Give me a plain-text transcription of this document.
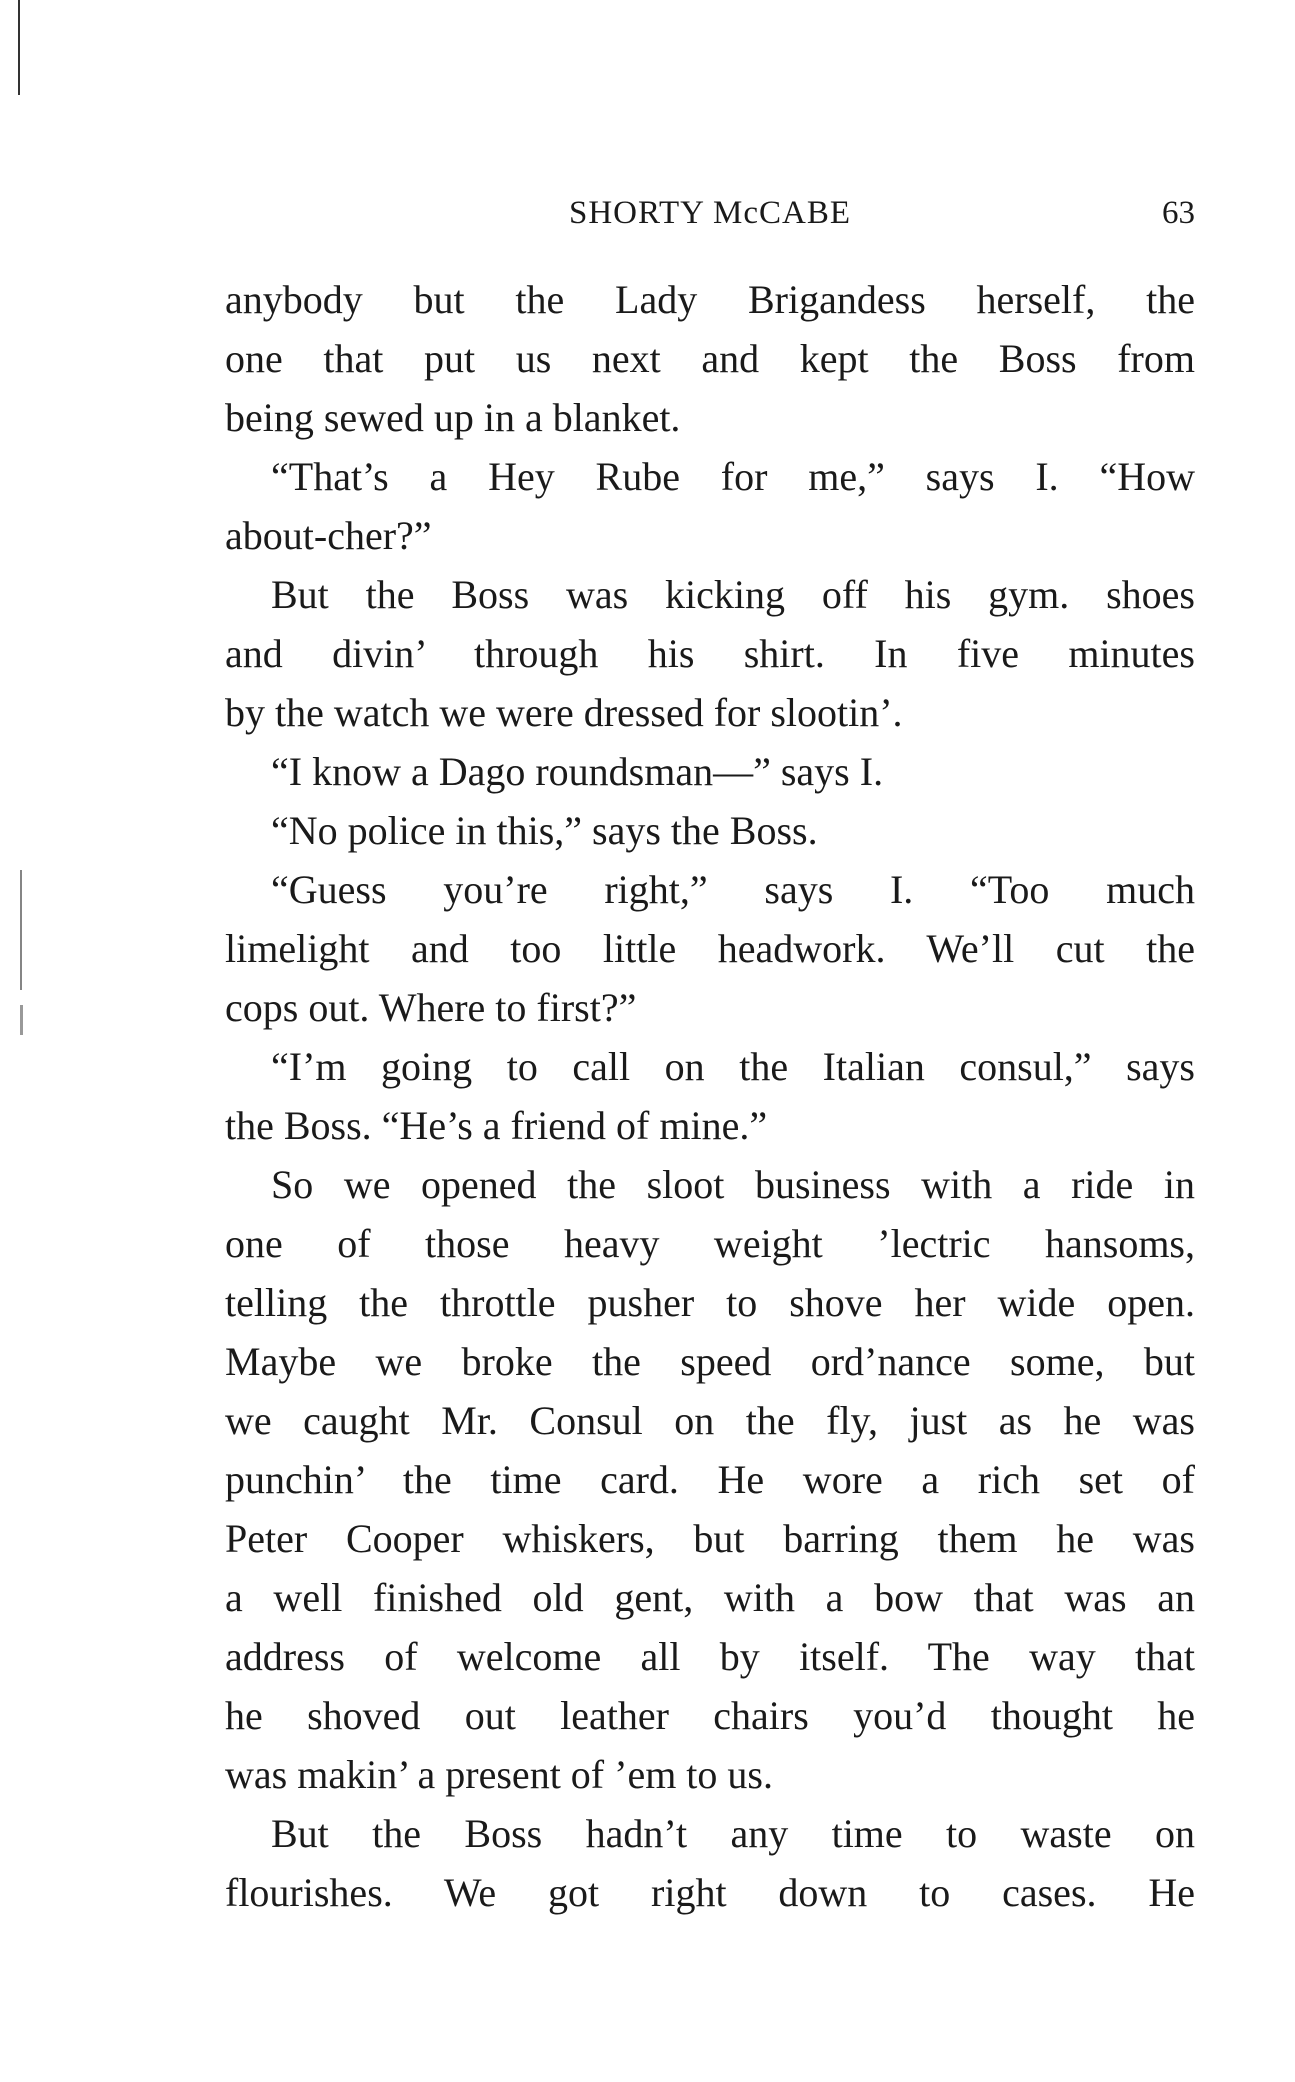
SHORTY McCABE	63
anybody but the Lady Brigandess herself, the
one that put us next and kept the Boss from
being sewed up in a blanket.
“That’s a Hey Rube for me,” says I. “How
about-cher?”
But the Boss was kicking off his gym. shoes
and divin’ through his shirt. In five minutes
by the watch we were dressed for slootin’.
“I know a Dago roundsman—” says I.
“No police in this,” says the Boss.
“Guess you’re right,” says I. “Too much
limelight and too little headwork. We’ll cut the
cops out. Where to first?”
“I’m going to call on the Italian consul,” says
the Boss. “He’s a friend of mine.”
So we opened the sloot business with a ride in
one of those heavy weight ’lectric hansoms,
telling the throttle pusher to shove her wide open.
Maybe we broke the speed ord’nance some, but
we caught Mr. Consul on the fly, just as he was
punchin’ the time card. He wore a rich set of
Peter Cooper whiskers, but barring them he was
a well finished old gent, with a bow that was an
address of welcome all by itself. The way that
he shoved out leather chairs you’d thought he
was makin’ a present of ’em to us.
But the Boss hadn’t any time to waste on
flourishes. We got right down to cases. He
